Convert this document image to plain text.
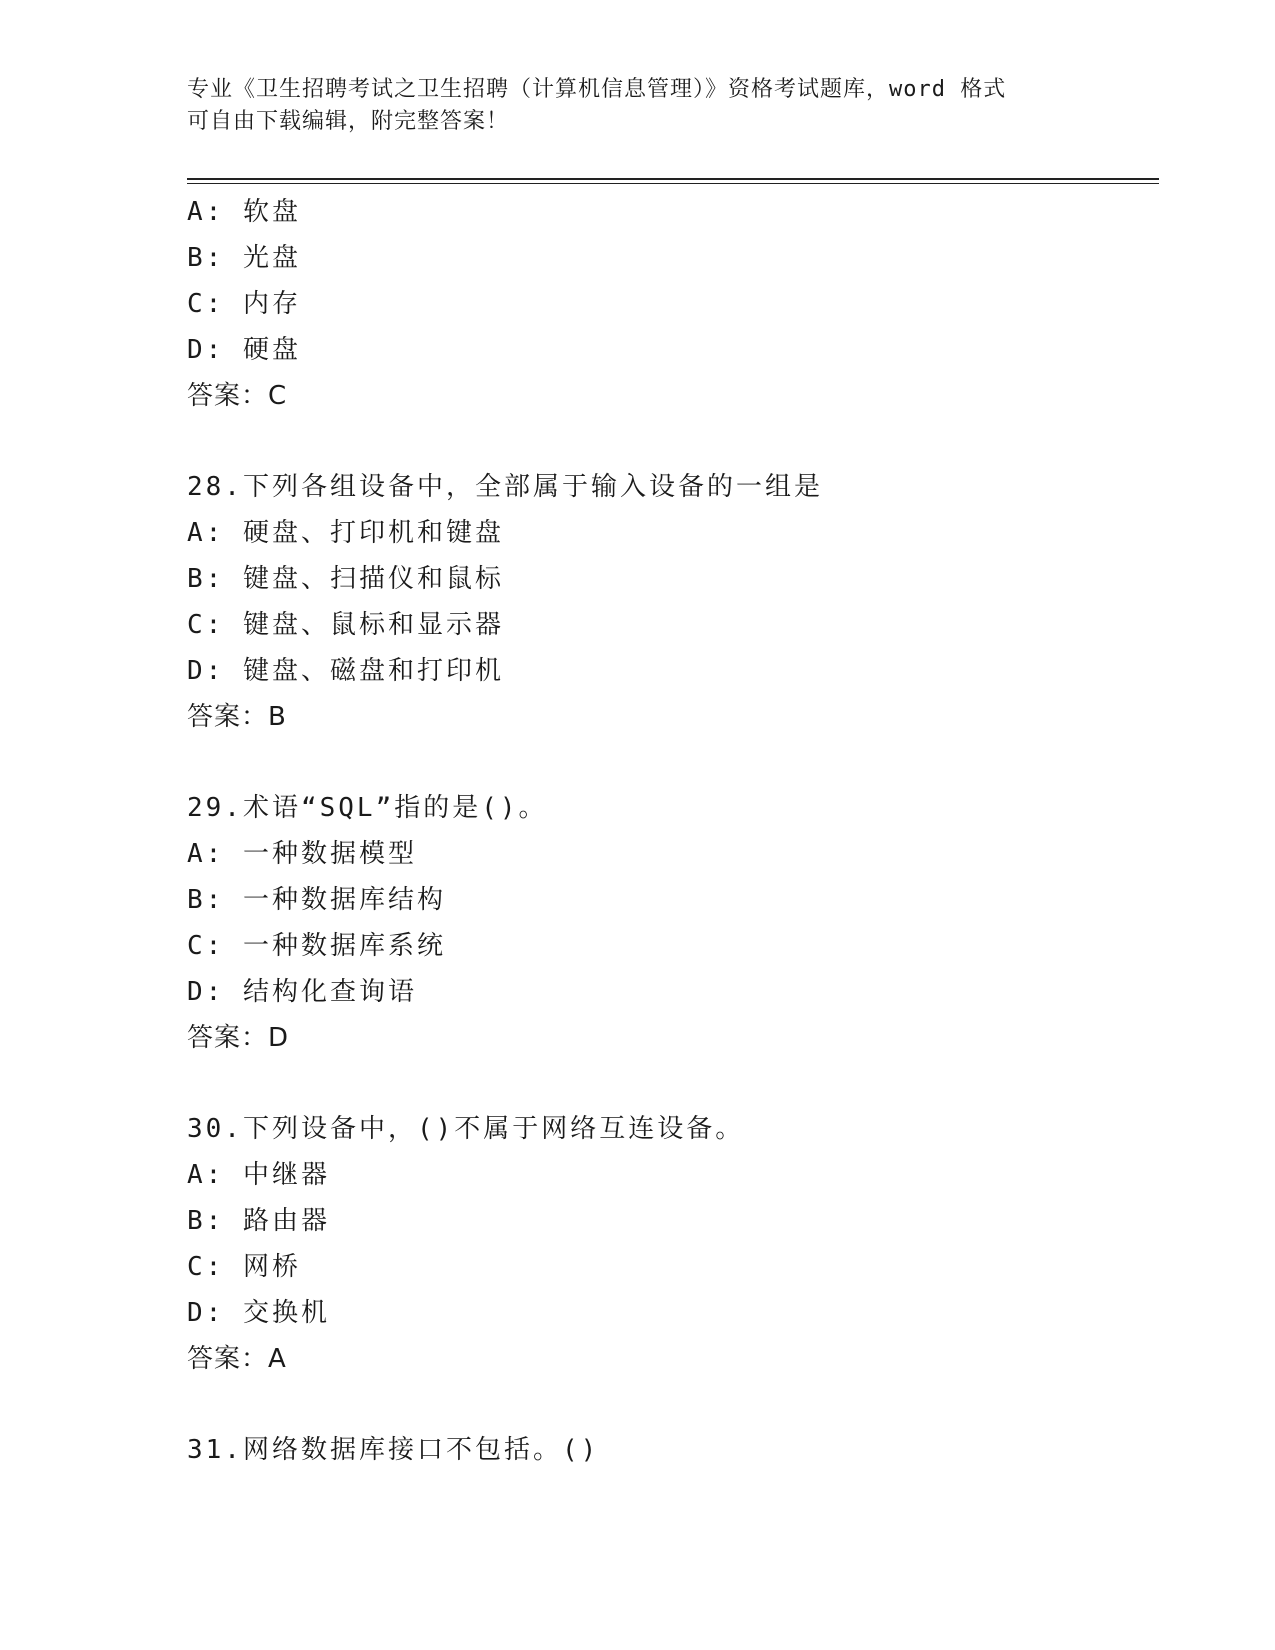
专业《卫生招聘考试之卫生招聘（计算机信息管理）》资格考试题库，word 格式
可自由下载编辑，附完整答案！
A: 软盘
B: 光盘
C: 内存
D: 硬盘
答案：C
28.下列各组设备中，全部属于输入设备的一组是
A: 硬盘、打印机和键盘
B: 键盘、扫描仪和鼠标
C: 键盘、鼠标和显示器
D: 键盘、磁盘和打印机
答案：B
29.术语“SQL”指的是()。
A: 一种数据模型
B: 一种数据库结构
C: 一种数据库系统
D: 结构化查询语
答案：D
30.下列设备中，()不属于网络互连设备。
A: 中继器
B: 路由器
C: 网桥
D: 交换机
答案：A
31.网络数据库接口不包括。()
